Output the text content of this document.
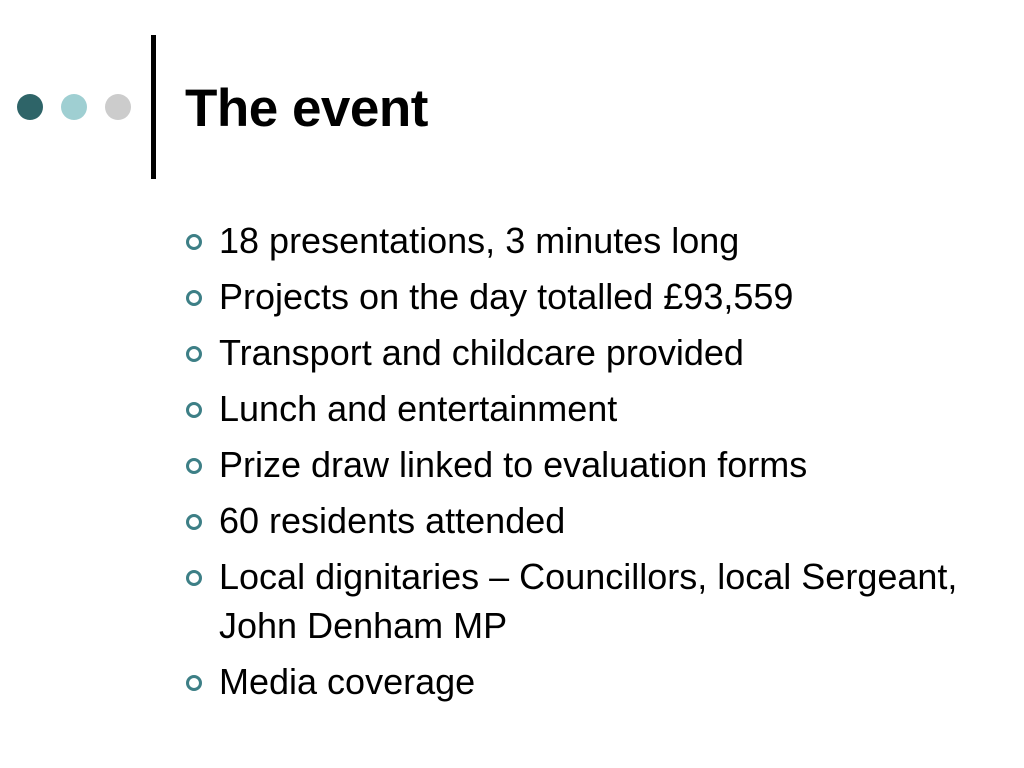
The event
18 presentations, 3 minutes long
Projects on the day totalled £93,559
Transport and childcare provided
Lunch and entertainment
Prize draw linked to evaluation forms
60 residents attended
Local dignitaries – Councillors, local Sergeant, John Denham MP
Media coverage
